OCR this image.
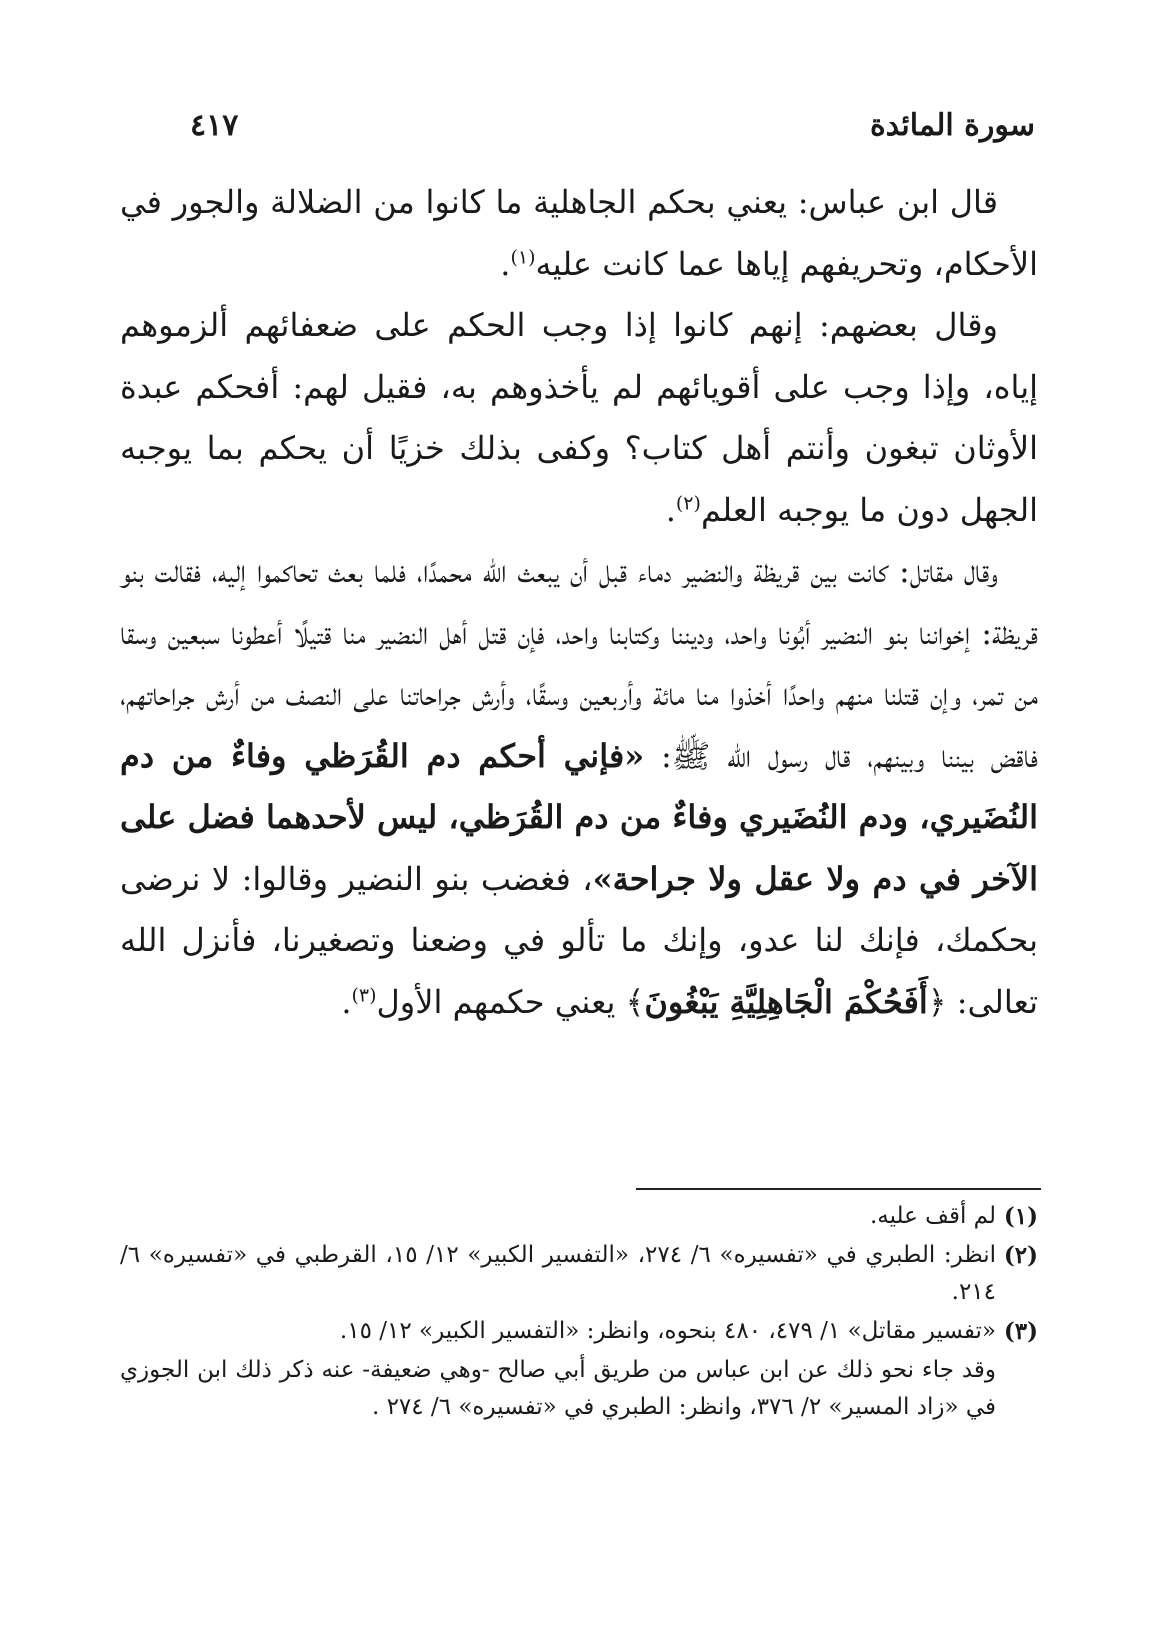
سورة المائدة
٤١٧

قال ابن عباس: يعني بحكم الجاهلية ما كانوا من الضلالة والجور في الأحكام، وتحريفهم إياها عما كانت عليه$^{(١)}$.

وقال بعضهم: إنهم كانوا إذا وجب الحكم على ضعفائهم ألزموهم إياه، وإذا وجب على أقويائهم لم يأخذوهم به، فقيل لهم: أفحكم عبدة الأوثان تبغون وأنتم أهل كتاب؟ وكفى بذلك خزيًا أن يحكم بما يوجبه الجهل دون ما يوجبه العلم$^{(٢)}$.

وقال مقاتل: كانت بين قريظة والنضير دماء قبل أن يبعث الله محمدًا، فلما بعث تحاكموا إليه، فقالت بنو قريظة: إخواننا بنو النضير أبُونا واحد، وديننا وكتابنا واحد، فإن قتل أهل النضير منا قتيلًا أعطونا سبعين وسقا من تمر، وإن قتلنا منهم واحدًا أخذوا منا مائة وأربعين وسقًا، وأرش جراحاتنا على النصف من أرش جراحاتهم، فاقض بيننا وبينهم، قال رسول الله ﷺ: «فإني أحكم دم القُرَظي وفاءٌ من دم النُضَيري، ودم النُضَيري وفاءٌ من دم القُرَظي، ليس لأحدهما فضل على الآخر في دم ولا عقل ولا جراحة»، فغضب بنو النضير وقالوا: لا نرضى بحكمك، فإنك لنا عدو، وإنك ما تألو في وضعنا وتصغيرنا، فأنزل الله تعالى: ﴿أَفَحُكْمَ الْجَاهِلِيَّةِ يَبْغُونَ﴾ يعني حكمهم الأول$^{(٣)}$.

(١)
لم أقف عليه.
(٢)
انظر: الطبري في «تفسيره» ٦/ ٢٧٤، «التفسير الكبير» ١٢/ ١٥، القرطبي في «تفسيره» ٦/ ٢١٤.
(٣)
«تفسير مقاتل» ١/ ٤٧٩، ٤٨٠ بنحوه، وانظر: «التفسير الكبير» ١٢/ ١٥.
وقد جاء نحو ذلك عن ابن عباس من طريق أبي صالح -وهي ضعيفة- عنه ذكر ذلك ابن الجوزي في «زاد المسير» ٢/ ٣٧٦، وانظر: الطبري في «تفسيره» ٦/ ٢٧٤ .
